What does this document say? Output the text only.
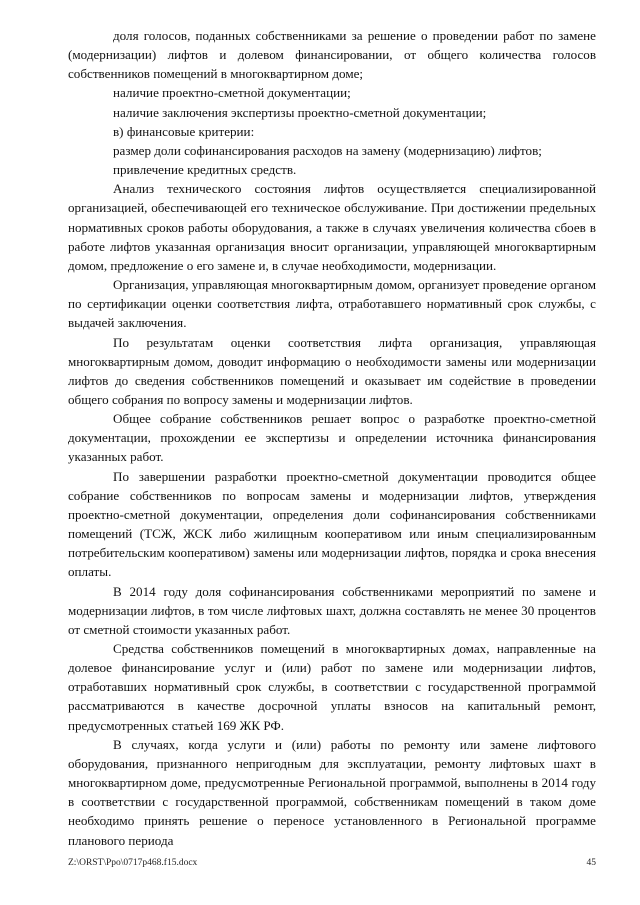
доля голосов, поданных собственниками за решение о проведении работ по замене (модернизации) лифтов и долевом финансировании, от общего количества голосов собственников помещений в многоквартирном доме;

наличие проектно-сметной документации;

наличие заключения экспертизы проектно-сметной документации;

в) финансовые критерии:

размер доли софинансирования расходов на замену (модернизацию) лифтов;

привлечение кредитных средств.

Анализ технического состояния лифтов осуществляется специализированной организацией, обеспечивающей его техническое обслуживание. При достижении предельных нормативных сроков работы оборудования, а также в случаях увеличения количества сбоев в работе лифтов указанная организация вносит организации, управляющей многоквартирным домом, предложение о его замене и, в случае необходимости, модернизации.

Организация, управляющая многоквартирным домом, организует проведение органом по сертификации оценки соответствия лифта, отработавшего нормативный срок службы, с выдачей заключения.

По результатам оценки соответствия лифта организация, управляющая многоквартирным домом, доводит информацию о необходимости замены или модернизации лифтов до сведения собственников помещений и оказывает им содействие в проведении общего собрания по вопросу замены и модернизации лифтов.

Общее собрание собственников решает вопрос о разработке проектно-сметной документации, прохождении ее экспертизы и определении источника финансирования указанных работ.

По завершении разработки проектно-сметной документации проводится общее собрание собственников по вопросам замены и модернизации лифтов, утверждения проектно-сметной документации, определения доли софинансирования собственниками помещений (ТСЖ, ЖСК либо жилищным кооперативом или иным специализированным потребительским кооперативом) замены или модернизации лифтов, порядка и срока внесения оплаты.

В 2014 году доля софинансирования собственниками мероприятий по замене и модернизации лифтов, в том числе лифтовых шахт, должна составлять не менее 30 процентов от сметной стоимости указанных работ.

Средства собственников помещений в многоквартирных домах, направленные на долевое финансирование услуг и (или) работ по замене или модернизации лифтов, отработавших нормативный срок службы, в соответствии с государственной программой рассматриваются в качестве досрочной уплаты взносов на капитальный ремонт, предусмотренных статьей 169 ЖК РФ.

В случаях, когда услуги и (или) работы по ремонту или замене лифтового оборудования, признанного непригодным для эксплуатации, ремонту лифтовых шахт в многоквартирном доме, предусмотренные Региональной программой, выполнены в 2014 году в соответствии с государственной программой, собственникам помещений в таком доме необходимо принять решение о переносе установленного в Региональной программе планового периода

Z:\ORST\Ppo\0717p468.f15.docx	45
